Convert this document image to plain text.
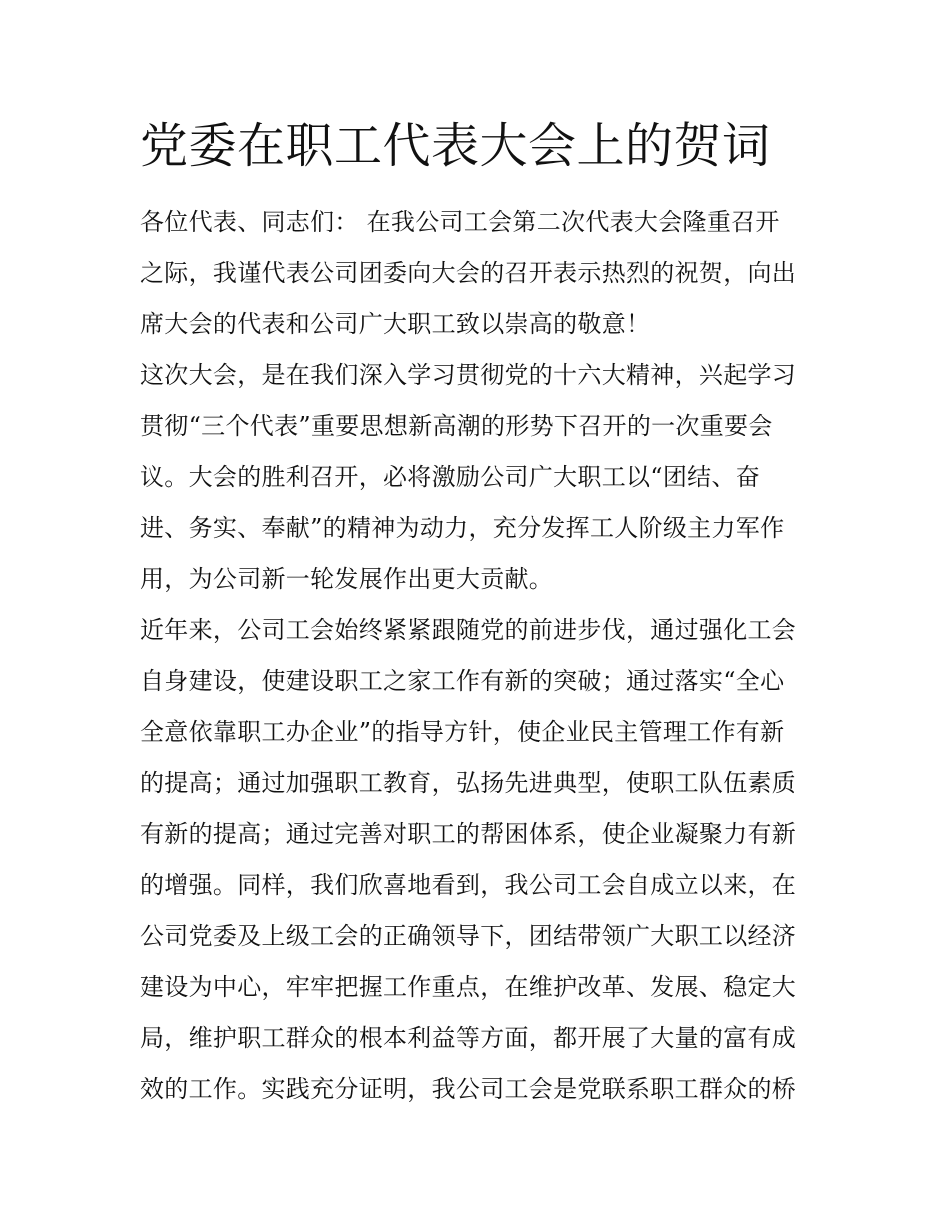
党委在职工代表大会上的贺词
各位代表、同志们： 在我公司工会第二次代表大会隆重召开
之际，我谨代表公司团委向大会的召开表示热烈的祝贺，向出
席大会的代表和公司广大职工致以崇高的敬意！
这次大会，是在我们深入学习贯彻党的十六大精神，兴起学习
贯彻“三个代表”重要思想新高潮的形势下召开的一次重要会
议。大会的胜利召开，必将激励公司广大职工以“团结、奋
进、务实、奉献”的精神为动力，充分发挥工人阶级主力军作
用，为公司新一轮发展作出更大贡献。
近年来，公司工会始终紧紧跟随党的前进步伐，通过强化工会
自身建设，使建设职工之家工作有新的突破；通过落实“全心
全意依靠职工办企业”的指导方针，使企业民主管理工作有新
的提高；通过加强职工教育，弘扬先进典型，使职工队伍素质
有新的提高；通过完善对职工的帮困体系，使企业凝聚力有新
的增强。同样，我们欣喜地看到，我公司工会自成立以来，在
公司党委及上级工会的正确领导下，团结带领广大职工以经济
建设为中心，牢牢把握工作重点，在维护改革、发展、稳定大
局，维护职工群众的根本利益等方面，都开展了大量的富有成
效的工作。实践充分证明，我公司工会是党联系职工群众的桥
